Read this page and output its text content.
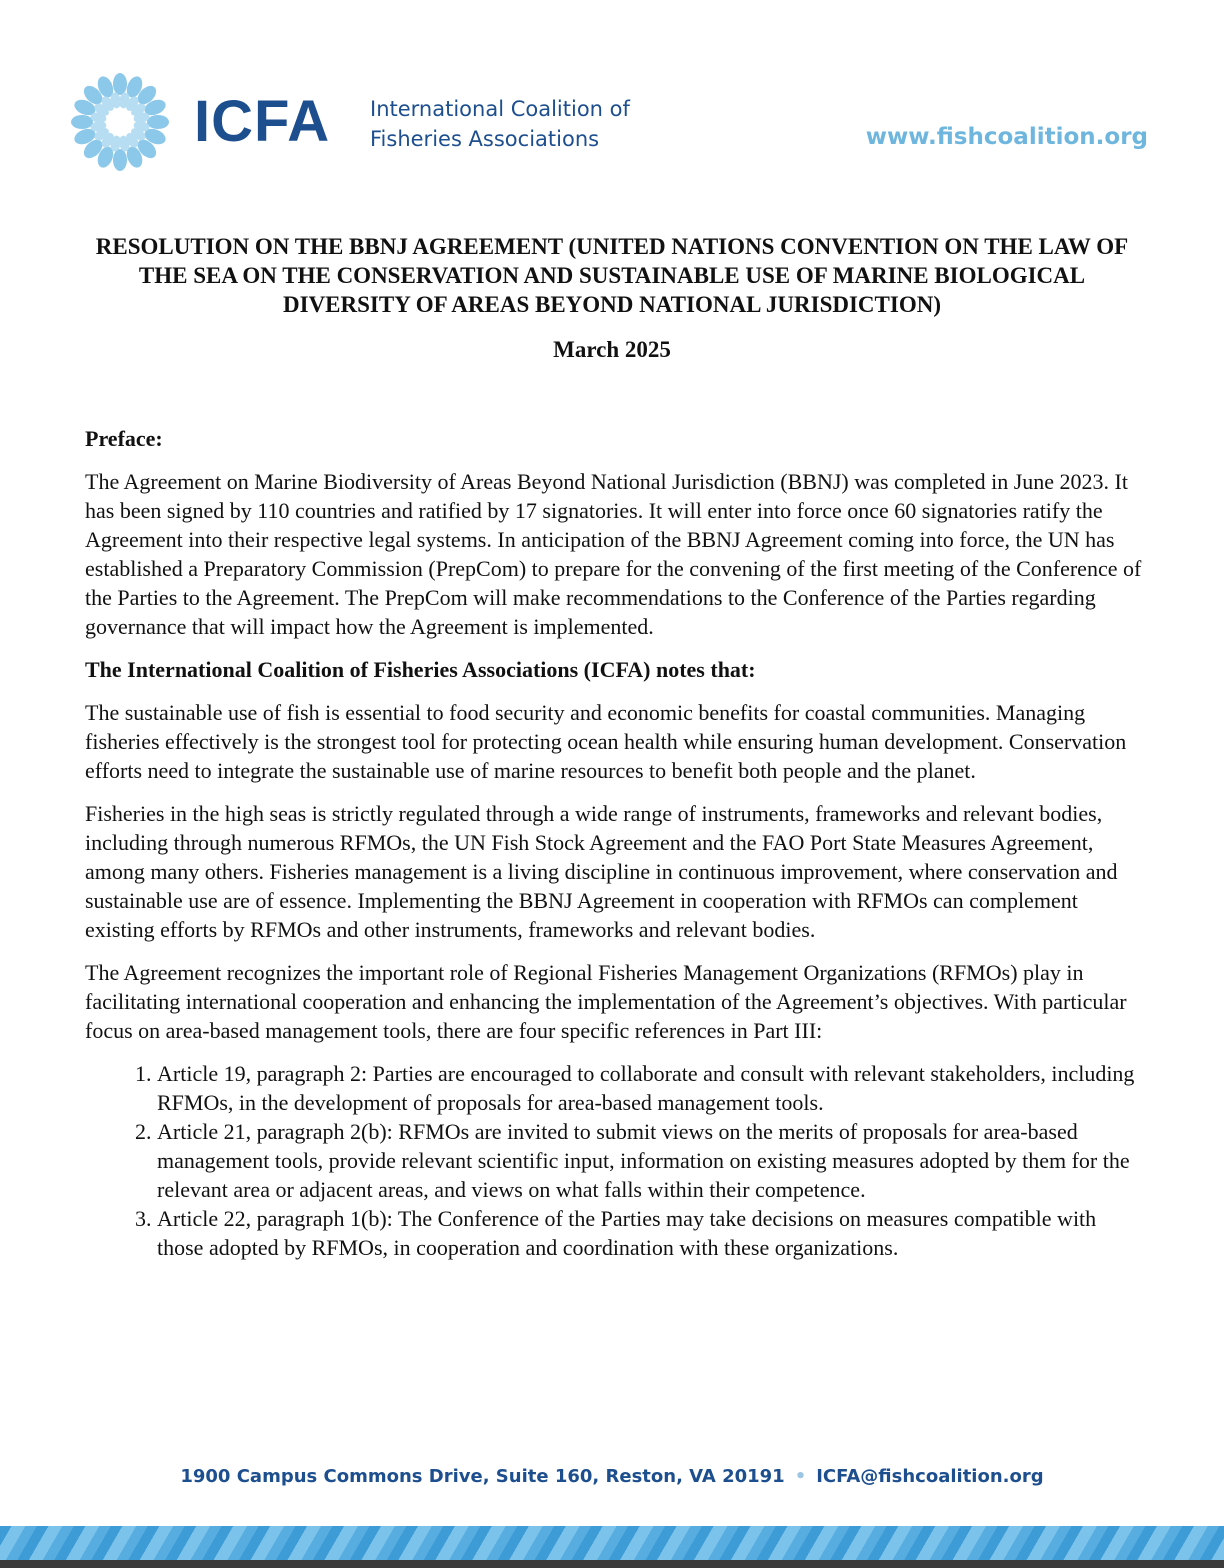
ICFA International Coalition of
Fisheries Associations	www.fishcoalition.org
RESOLUTION ON THE BBNJ AGREEMENT (UNITED NATIONS CONVENTION ON THE LAW OF THE SEA ON THE CONSERVATION AND SUSTAINABLE USE OF MARINE BIOLOGICAL DIVERSITY OF AREAS BEYOND NATIONAL JURISDICTION)
March 2025

Preface:

The Agreement on Marine Biodiversity of Areas Beyond National Jurisdiction (BBNJ) was completed in June 2023. It has been signed by 110 countries and ratified by 17 signatories. It will enter into force once 60 signatories ratify the Agreement into their respective legal systems. In anticipation of the BBNJ Agreement coming into force, the UN has established a Preparatory Commission (PrepCom) to prepare for the convening of the first meeting of the Conference of the Parties to the Agreement. The PrepCom will make recommendations to the Conference of the Parties regarding governance that will impact how the Agreement is implemented.

The International Coalition of Fisheries Associations (ICFA) notes that:

The sustainable use of fish is essential to food security and economic benefits for coastal communities. Managing fisheries effectively is the strongest tool for protecting ocean health while ensuring human development. Conservation efforts need to integrate the sustainable use of marine resources to benefit both people and the planet.

Fisheries in the high seas is strictly regulated through a wide range of instruments, frameworks and relevant bodies, including through numerous RFMOs, the UN Fish Stock Agreement and the FAO Port State Measures Agreement, among many others. Fisheries management is a living discipline in continuous improvement, where conservation and sustainable use are of essence. Implementing the BBNJ Agreement in cooperation with RFMOs can complement existing efforts by RFMOs and other instruments, frameworks and relevant bodies.

The Agreement recognizes the important role of Regional Fisheries Management Organizations (RFMOs) play in facilitating international cooperation and enhancing the implementation of the Agreement’s objectives. With particular focus on area-based management tools, there are four specific references in Part III:

1. Article 19, paragraph 2: Parties are encouraged to collaborate and consult with relevant stakeholders, including RFMOs, in the development of proposals for area-based management tools.
2. Article 21, paragraph 2(b): RFMOs are invited to submit views on the merits of proposals for area-based management tools, provide relevant scientific input, information on existing measures adopted by them for the relevant area or adjacent areas, and views on what falls within their competence.
3. Article 22, paragraph 1(b): The Conference of the Parties may take decisions on measures compatible with those adopted by RFMOs, in cooperation and coordination with these organizations.
1900 Campus Commons Drive, Suite 160, Reston, VA 20191 • ICFA@fishcoalition.org
